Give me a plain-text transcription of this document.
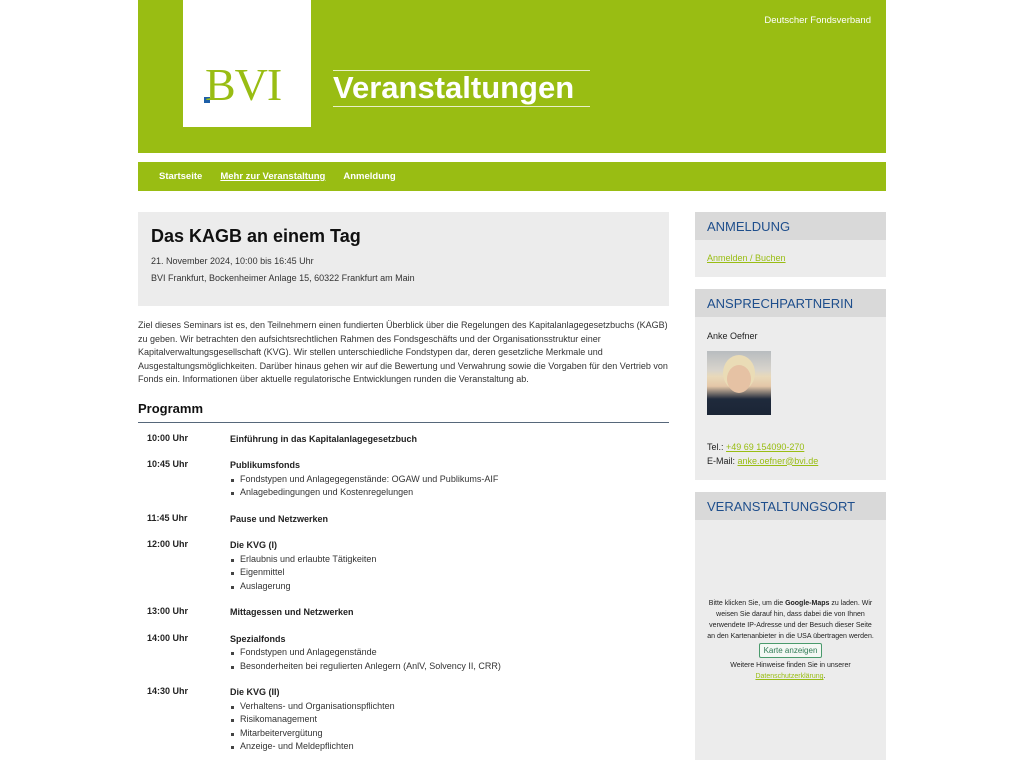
BVI Veranstaltungen
Deutscher Fondsverband
Startseite Mehr zur Veranstaltung Anmeldung
Das KAGB an einem Tag
21. November 2024, 10:00 bis 16:45 Uhr
BVI Frankfurt, Bockenheimer Anlage 15, 60322 Frankfurt am Main

Ziel dieses Seminars ist es, den Teilnehmern einen fundierten Überblick über die Regelungen des Kapitalanlagegesetzbuchs (KAGB) zu geben. Wir betrachten den aufsichtsrechtlichen Rahmen des Fondsgeschäfts und der Organisationsstruktur einer Kapitalverwaltungsgesellschaft (KVG). Wir stellen unterschiedliche Fondstypen dar, deren gesetzliche Merkmale und Ausgestaltungsmöglichkeiten. Darüber hinaus gehen wir auf die Bewertung und Verwahrung sowie die Vorgaben für den Vertrieb von Fonds ein. Informationen über aktuelle regulatorische Entwicklungen runden die Veranstaltung ab.

Programm
10:00 Uhr	Einführung in das Kapitalanlagegesetzbuch
10:45 Uhr	Publikumsfonds
Fondstypen und Anlagegegenstände: OGAW und Publikums-AIF
Anlagebedingungen und Kostenregelungen
11:45 Uhr	Pause und Netzwerken
12:00 Uhr	Die KVG (I)
Erlaubnis und erlaubte Tätigkeiten
Eigenmittel
Auslagerung
13:00 Uhr	Mittagessen und Netzwerken
14:00 Uhr	Spezialfonds
Fondstypen und Anlagegenstände
Besonderheiten bei regulierten Anlegern (AnlV, Solvency II, CRR)
14:30 Uhr	Die KVG (II)
Verhaltens- und Organisationspflichten
Risikomanagement
Mitarbeitervergütung
Anzeige- und Meldepflichten
ANMELDUNG
Anmelden / Buchen
ANSPRECHPARTNERIN
Anke Oefner
Tel.: +49 69 154090-270
E-Mail: anke.oefner@bvi.de
VERANSTALTUNGSORT
Bitte klicken Sie, um die Google-Maps zu laden. Wir weisen Sie darauf hin, dass dabei die von Ihnen verwendete IP-Adresse und der Besuch dieser Seite an den Kartenanbieter in die USA übertragen werden.
Karte anzeigen
Weitere Hinweise finden Sie in unserer
Datenschutzerklärung.
